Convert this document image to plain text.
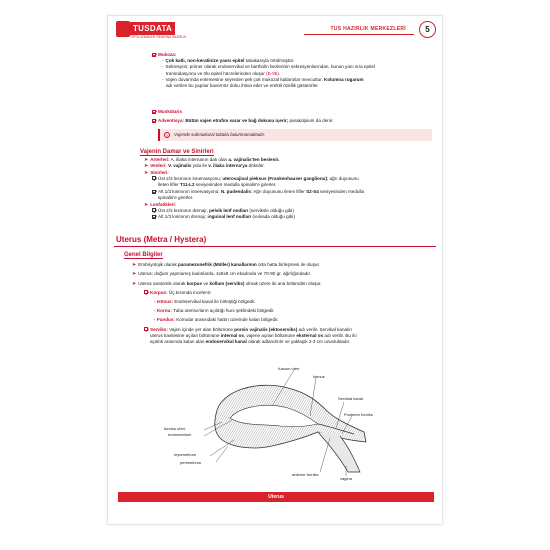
TUSDATA
TIPTA UZMANLIK SINAVINA HAZIRLIK
TUS HAZIRLIK MERKEZLERİ	5
Mukoza:
- Çok katlı, non-keratinize yassı epitel tabakasıyla örtülmüştür.
- Sekresyon; primer olarak endoservikal ve bartholin bezlerinin sekresyonlarından, bunun yanı sıra epitel
transüdasyonu ve ölü epitel hücrelerinden oluşur (E-95).
- Vajen duvarında enlemesine seyreden pek çok mukozal katlantılar mevcuttur. Kolumna rugarum
adı verilen bu yapılar kavernöz doku ihtiva eder ve erektil özellik gösterirler.
Muskülaris
Adventisya: Bütün vajen etrafını sarar ve bağ dokusu içerir; parakolpium da denir.
!	Vajende submukozal tabaka bulunmamaktadır.
Vajenin Damar ve Sinirleri
➤ Arterleri: A. iliaka internanın dalı olan a. vajinalis'ten beslenir.
➤ Venleri: V. vajinalis yolu ile v. iliaka interna'ya dökülür.
➤ Sinirleri:
Üst 2/3 kısmının innervasyonu; uterovajinal pleksus (Frankenhauser ganglionu); ağrı duyusunu
ileten lifler T11-L2 seviyesinden medulla spinalis'e girerler.
Alt 1/3 kısmının innervasyonu; N. pudendalis: Ağrı duyusunu ileten lifler S2-S4 seviyesinden medulla
spinalis'e girerler.
➤ Lenfatikleri:
Üst 2/3 kısmının drenajı; pelvik lenf nodları (serviksle olduğu gibi)
Alt 1/3 kısmının drenajı; inguinal lenf nodları (vulvada olduğu gibi)
Uterus (Metra / Hystera)
Genel Bilgiler
➤ Embriyolojik olarak paramezonefrik (Müller) kanallarının orta hatta birleşmesi ile oluşur.
➤ Uterus; doğum yapmamış kadınlarda, 4x6x8 cm ebadında ve 70-90 gr. ağırlığındadır.
➤ Uterus anatomik olarak korpus ve kollum (serviks) olmak üzere iki ana bölümden oluşur.
Korpus: Üç kısımda incelenir:
- Istmus: Endoservikal kanal ile birleştiği bölgedir.
- Kornu: Tuba uterina'ların açıldığı huni şeklindeki bölgedir.
- Fundus: Kornular arasındaki hattın üzerinde kalan bölgedir.
Serviks: Vajen içinde yer alan bölümüne porsio vajinalis (ektoserviks) adı verilir. Servikal kanalın
uterus kavitesine açılan bölümüne internal os, vajene açılan bölümüne eksternal os adı verilir. Bu iki
açıklık arasında kalan alan endoservikal kanal olarak adlandırılır ve yaklaşık 2-3 cm uzunluktadır.
Kavum uteri
İstmus
Servikal kanal
Posterior forniks
fundus uteri-
endometrium
myometrium
perimetrium
anterior forniks
vagina
Uterus
